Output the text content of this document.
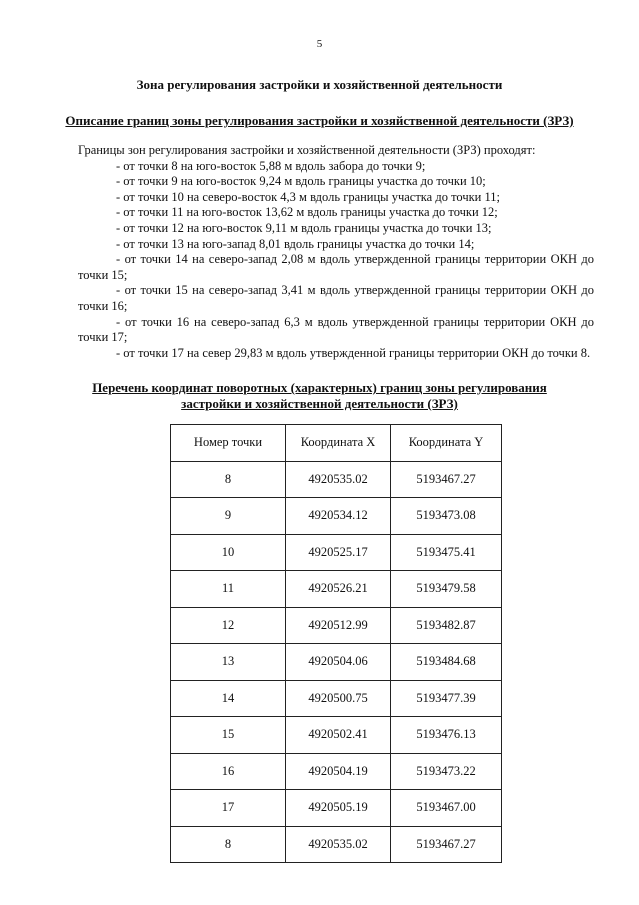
5
Зона регулирования застройки и хозяйственной деятельности
Описание границ зоны регулирования застройки и хозяйственной деятельности (ЗРЗ)

Границы зон регулирования застройки и хозяйственной деятельности (ЗРЗ) проходят:

- от точки 8 на юго-восток 5,88 м вдоль забора до точки 9;

- от точки 9 на юго-восток 9,24 м вдоль границы участка до точки 10;

- от точки 10 на северо-восток 4,3 м вдоль границы участка до точки 11;

- от точки 11 на юго-восток 13,62 м вдоль границы участка до точки 12;

- от точки 12 на юго-восток 9,11 м вдоль границы участка до точки 13;

- от точки 13 на юго-запад 8,01 вдоль границы участка до точки 14;

- от точки 14 на северо-запад 2,08 м вдоль утвержденной границы территории ОКН до точки 15;

- от точки 15 на северо-запад 3,41 м вдоль утвержденной границы территории ОКН до точки 16;

- от точки 16 на северо-запад 6,3 м вдоль утвержденной границы территории ОКН до точки 17;

- от точки 17 на север 29,83 м вдоль утвержденной границы территории ОКН до точки 8.

Перечень координат поворотных (характерных) границ зоны регулирования
застройки и хозяйственной деятельности (ЗРЗ)
Номер точки	Координата X	Координата Y
8	4920535.02	5193467.27
9	4920534.12	5193473.08
10	4920525.17	5193475.41
11	4920526.21	5193479.58
12	4920512.99	5193482.87
13	4920504.06	5193484.68
14	4920500.75	5193477.39
15	4920502.41	5193476.13
16	4920504.19	5193473.22
17	4920505.19	5193467.00
8	4920535.02	5193467.27
